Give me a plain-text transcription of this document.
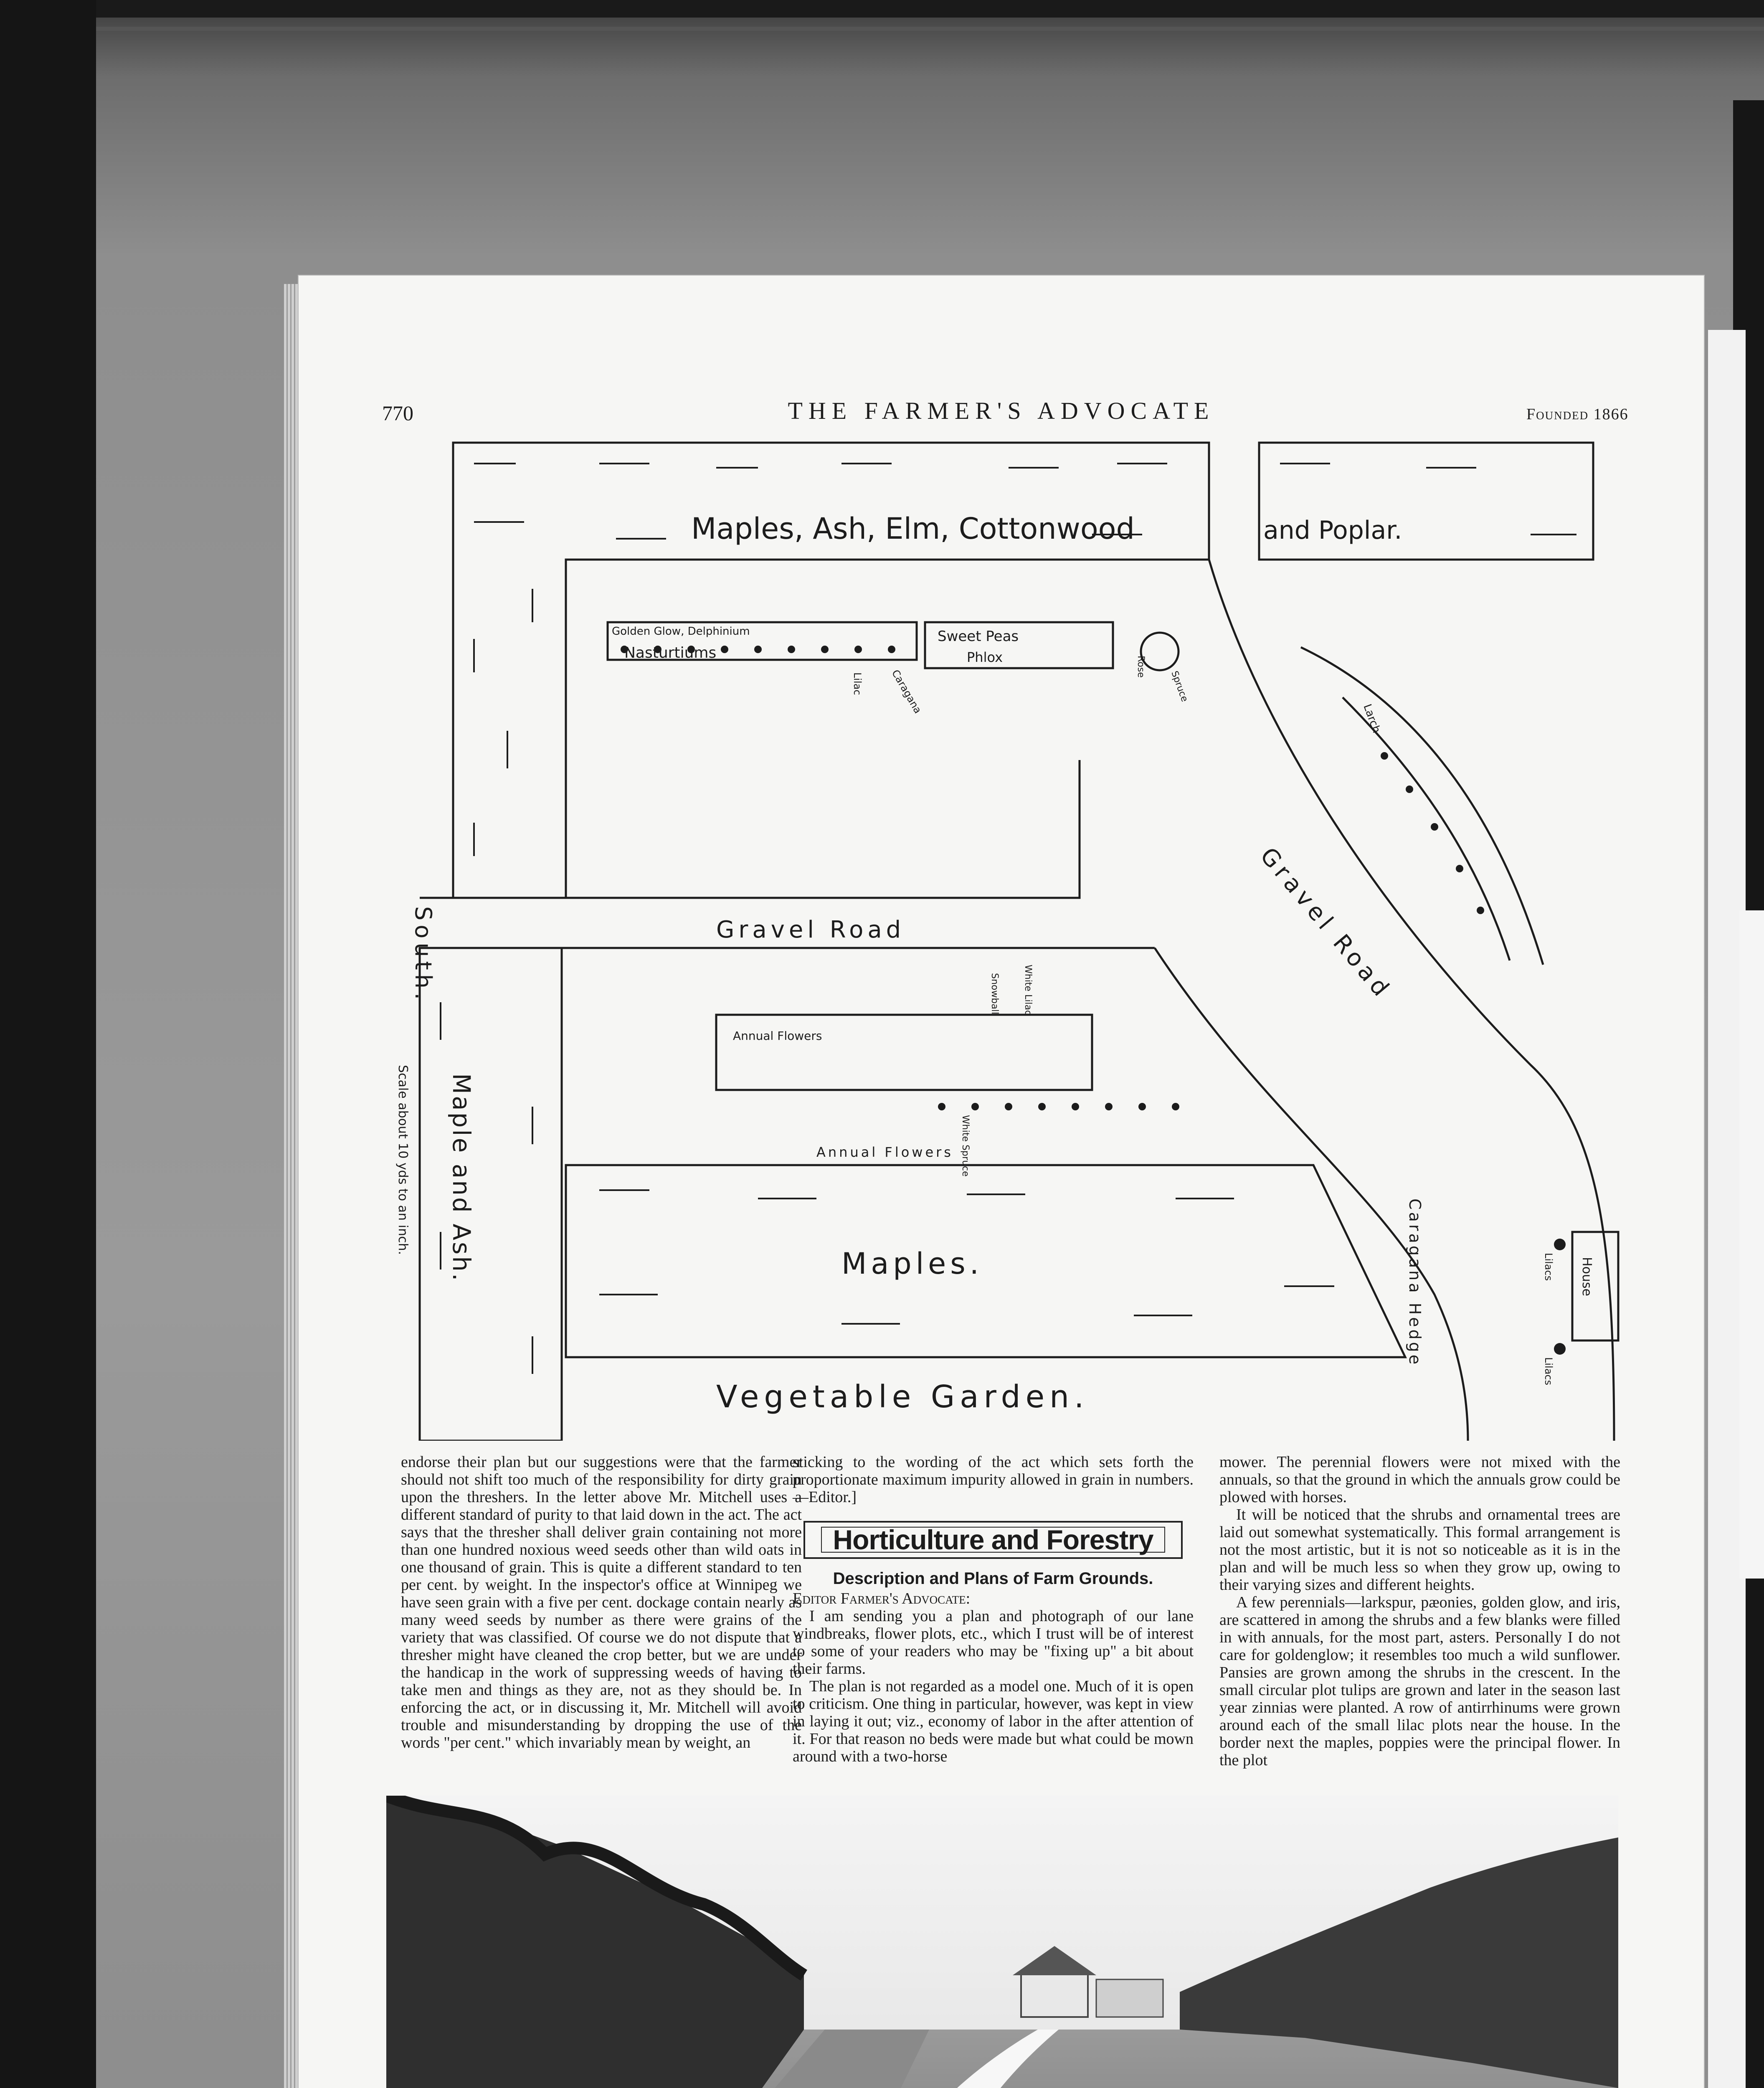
770	THE FARMER'S ADVOCATE	Founded 1866
Maples, Ash, Elm, Cottonwood	and Poplar.
Golden Glow, Delphinium
Nasturtiums
Sweet Peas
Phlox
Gravel Road	Gravel Road
South.
Scale about 10 yds to an inch. Maple and Ash.
Annual Flowers
Annual Flowers
Maples.
Vegetable Garden.
Caragana Hedge	House
Lilacs
Lilacs
Lilac	Caragana
Rose
Spruce
Larch
White Lilac
Snowball
White Spruce

endorse their plan but our suggestions were that the farmer should not shift too much of the responsibility for dirty grain upon the threshers. In the letter above Mr. Mitchell uses a different standard of purity to that laid down in the act. The act says that the thresher shall deliver grain containing not more than one hundred noxious weed seeds other than wild oats in one thousand of grain. This is quite a different standard to ten per cent. by weight. In the inspector's office at Winnipeg we have seen grain with a five per cent. dockage contain nearly as many weed seeds by number as there were grains of the variety that was classified. Of course we do not dispute that a thresher might have cleaned the crop better, but we are under the handicap in the work of suppressing weeds of having to take men and things as they are, not as they should be. In enforcing the act, or in discussing it, Mr. Mitchell will avoid trouble and misunderstanding by dropping the use of the words "per cent." which invariably mean by weight, an

sticking to the wording of the act which sets forth the proportionate maximum impurity allowed in grain in numbers.—Editor.]

Horticulture and Forestry

Description and Plans of Farm Grounds.

Editor Farmer's Advocate:

I am sending you a plan and photograph of our lane windbreaks, flower plots, etc., which I trust will be of interest to some of your readers who may be "fixing up" a bit about their farms.

The plan is not regarded as a model one. Much of it is open to criticism. One thing in particular, however, was kept in view in laying it out; viz., economy of labor in the after attention of it. For that reason no beds were made but what could be mown around with a two-horse

mower. The perennial flowers were not mixed with the annuals, so that the ground in which the annuals grow could be plowed with horses.

It will be noticed that the shrubs and ornamental trees are laid out somewhat systematically. This formal arrangement is not the most artistic, but it is not so noticeable as it is in the plan and will be much less so when they grow up, owing to their varying sizes and different heights.

A few perennials—larkspur, pæonies, golden glow, and iris, are scattered in among the shrubs and a few blanks were filled in with annuals, for the most part, asters. Personally I do not care for goldenglow; it resembles too much a wild sunflower. Pansies are grown among the shrubs in the crescent. In the small circular plot tulips are grown and later in the season last year zinnias were planted. A row of antirrhinums were grown around each of the small lilac plots near the house. In the border next the maples, poppies were the principal flower. In the plot
